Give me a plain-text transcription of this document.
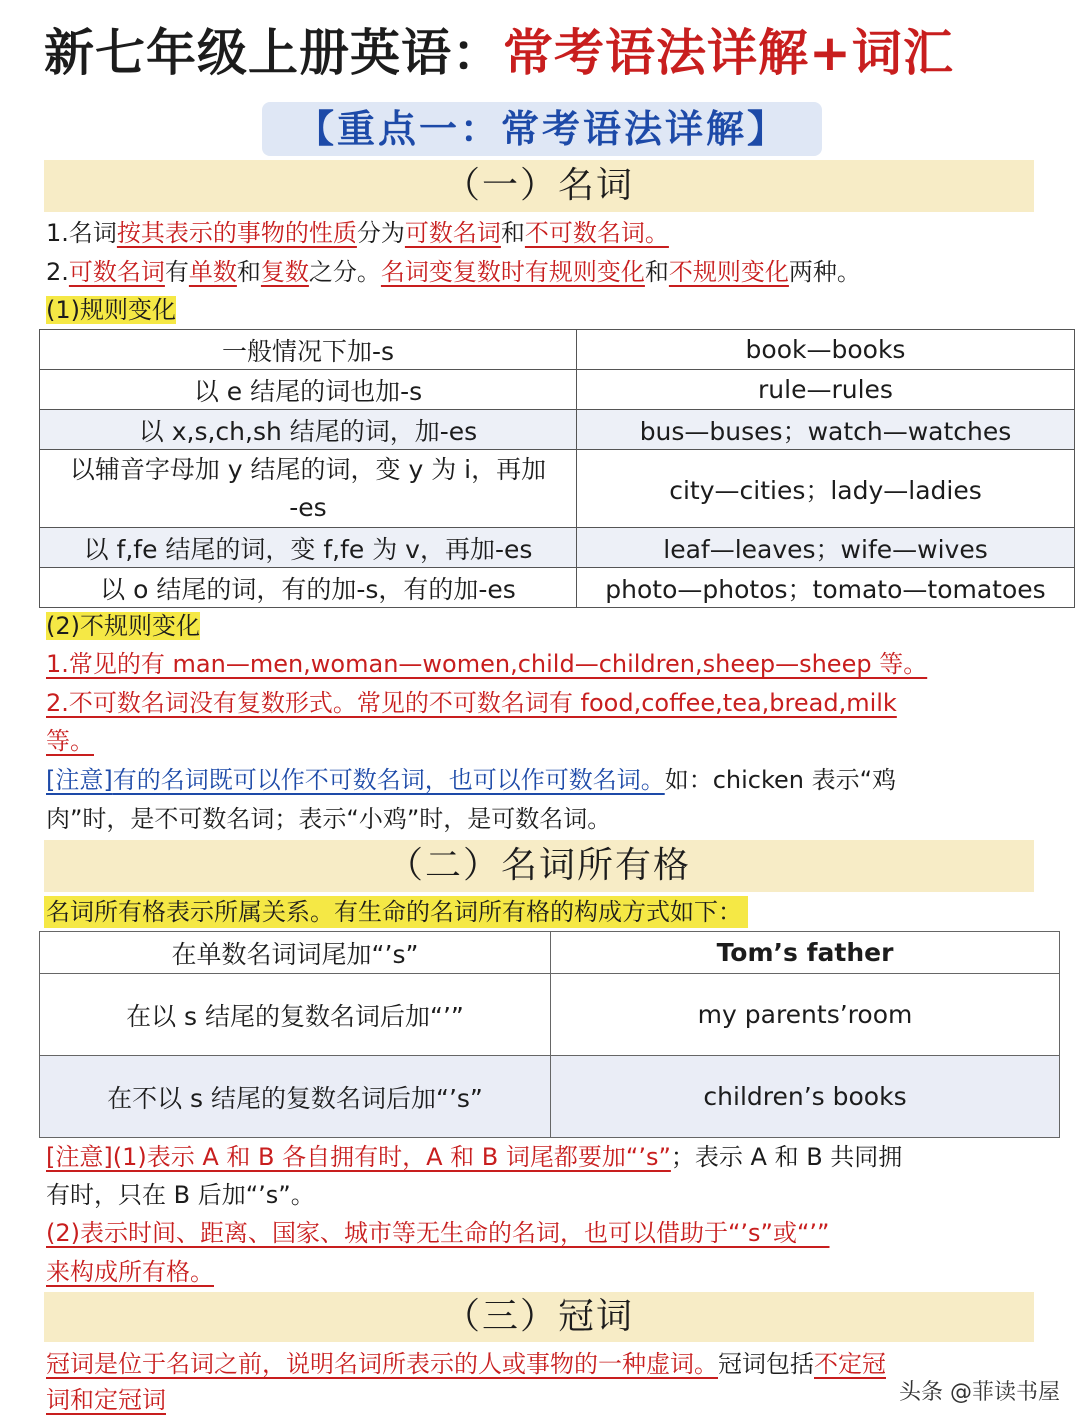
新七年级上册英语：常考语法详解+词汇
【重点一：常考语法详解】
（一）名词
1.名词按其表示的事物的性质分为可数名词和不可数名词。
2.可数名词有单数和复数之分。名词变复数时有规则变化和不规则变化两种。
(1)规则变化
一般情况下加-s	book—books
以 e 结尾的词也加-s	rule—rules
以 x,s,ch,sh 结尾的词，加-es	bus—buses；watch—watches

以辅音字母加 y 结尾的词，变 y 为 i，再加
-es	city—cities；lady—ladies
以 f,fe 结尾的词，变 f,fe 为 v，再加-es	leaf—leaves；wife—wives
以 o 结尾的词，有的加-s，有的加-es	photo—photos；tomato—tomatoes
(2)不规则变化
1.常见的有 man—men,woman—women,child—children,sheep—sheep 等。
2.不可数名词没有复数形式。常见的不可数名词有 food,coffee,tea,bread,milk
等。
[注意]有的名词既可以作不可数名词，也可以作可数名词。如：chicken 表示“鸡
肉”时，是不可数名词；表示“小鸡”时，是可数名词。
（二）名词所有格
名词所有格表示所属关系。有生命的名词所有格的构成方式如下：
在单数名词词尾加“’s”	Tom’s father
在以 s 结尾的复数名词后加“’”	my parents’room
在不以 s 结尾的复数名词后加“’s”	children’s books
[注意](1)表示 A 和 B 各自拥有时，A 和 B 词尾都要加“’s”；表示 A 和 B 共同拥
有时，只在 B 后加“’s”。
(2)表示时间、距离、国家、城市等无生命的名词，也可以借助于“’s”或“’”
来构成所有格。
（三）冠词
冠词是位于名词之前，说明名词所表示的人或事物的一种虚词。冠词包括不定冠
词和定冠词	头条 @菲读书屋
